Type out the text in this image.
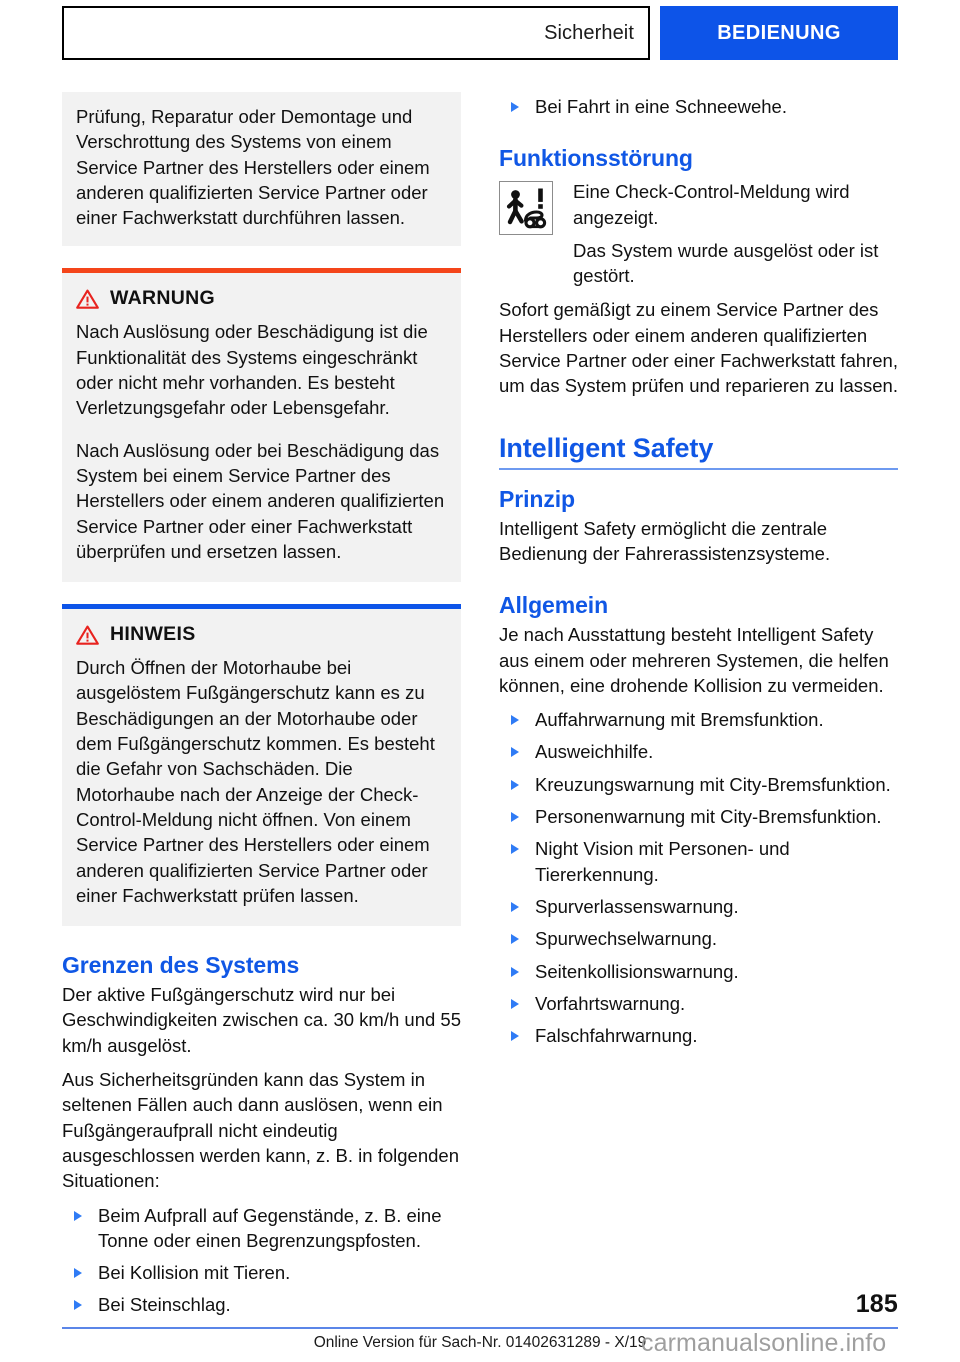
Sicherheit	BEDIENUNG

Prüfung, Reparatur oder Demontage und Verschrottung des Systems von einem Service Partner des Herstellers oder einem anderen qualifizierten Service Partner oder einer Fachwerkstatt durchführen lassen.

WARNUNG

Nach Auslösung oder Beschädigung ist die Funktionalität des Systems eingeschränkt oder nicht mehr vorhanden. Es besteht Verletzungsgefahr oder Lebensgefahr.

Nach Auslösung oder bei Beschädigung das System bei einem Service Partner des Herstellers oder einem anderen qualifizierten Service Partner oder einer Fachwerkstatt überprüfen und ersetzen lassen.

HINWEIS

Durch Öffnen der Motorhaube bei ausgelöstem Fußgängerschutz kann es zu Beschädigungen an der Motorhaube oder dem Fußgängerschutz kommen. Es besteht die Gefahr von Sachschäden. Die Motorhaube nach der Anzeige der Check-Control-Meldung nicht öffnen. Von einem Service Partner des Herstellers oder einem anderen qualifizierten Service Partner oder einer Fachwerkstatt prüfen lassen.

Grenzen des Systems

Der aktive Fußgängerschutz wird nur bei Geschwindigkeiten zwischen ca. 30 km/h und 55 km/h ausgelöst.

Aus Sicherheitsgründen kann das System in seltenen Fällen auch dann auslösen, wenn ein Fußgängeraufprall nicht eindeutig ausgeschlossen werden kann, z. B. in folgenden Situationen:

Beim Aufprall auf Gegenstände, z. B. eine Tonne oder einen Begrenzungspfosten.
Bei Kollision mit Tieren.
Bei Steinschlag.
Bei Fahrt in eine Schneewehe.
Funktionsstörung

Eine Check-Control-Meldung wird angezeigt.

Das System wurde ausgelöst oder ist gestört.

Sofort gemäßigt zu einem Service Partner des Herstellers oder einem anderen qualifizierten Service Partner oder einer Fachwerkstatt fahren, um das System prüfen und reparieren zu lassen.

Intelligent Safety
Prinzip

Intelligent Safety ermöglicht die zentrale Bedienung der Fahrerassistenzsysteme.

Allgemein

Je nach Ausstattung besteht Intelligent Safety aus einem oder mehreren Systemen, die helfen können, eine drohende Kollision zu vermeiden.

Auffahrwarnung mit Bremsfunktion.
Ausweichhilfe.
Kreuzungswarnung mit City-Bremsfunktion.
Personenwarnung mit City-Bremsfunktion.
Night Vision mit Personen- und Tiererkennung.
Spurverlassenswarnung.
Spurwechselwarnung.
Seitenkollisionswarnung.
Vorfahrtswarnung.
Falschfahrwarnung.
185
Online Version für Sach-Nr. 01402631289 - X/19
carmanualsonline.info
